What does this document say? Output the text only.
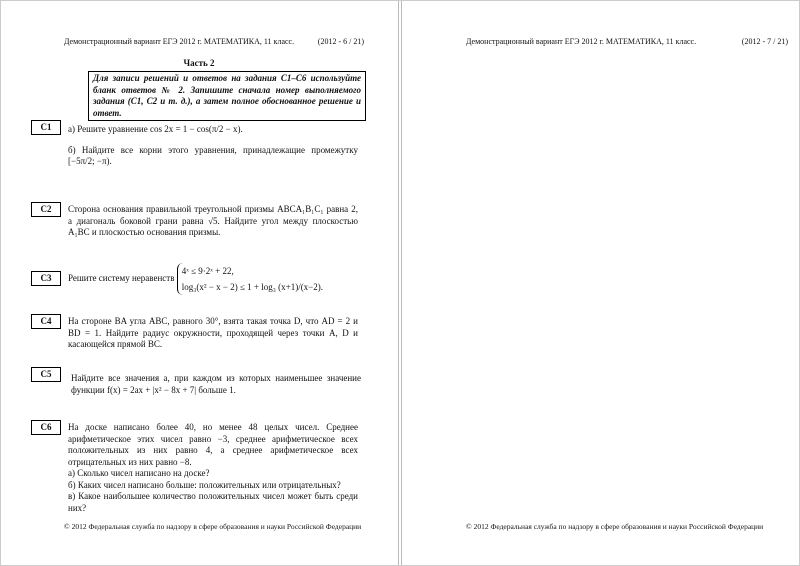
Демонстрационный вариант ЕГЭ 2012 г. МАТЕМАТИКА, 11 класс.	(2012 - 6 / 21)
Часть 2
Для записи решений и ответов на задания С1–С6 используйте бланк ответов № 2. Запишите сначала номер выполняемого задания (С1, С2 и т. д.), а затем полное обоснованное решение и ответ.
C1	а) Решите уравнение cos 2x = 1 − cos(π/2 − x).
б) Найдите все корни этого уравнения, принадлежащие промежутку [−5π/2; −π).
C2	Сторона основания правильной треугольной призмы ABCA₁B₁C₁ равна 2, а диагональ боковой грани равна √5. Найдите угол между плоскостью A₁BC и плоскостью основания призмы.
C3	Решите систему неравенств
4ˣ ≤ 9·2ˣ + 22,
log₃(x² − x − 2) ≤ 1 + log₃ (x+1)/(x−2).
C4	На стороне BA угла ABC, равного 30°, взята такая точка D, что AD = 2 и BD = 1. Найдите радиус окружности, проходящей через точки A, D и касающейся прямой BC.
C5	Найдите все значения a, при каждом из которых наименьшее значение функции f(x) = 2ax + |x² − 8x + 7| больше 1.
C6	На доске написано более 40, но менее 48 целых чисел. Среднее арифметическое этих чисел равно −3, среднее арифметическое всех положительных из них равно 4, а среднее арифметическое всех отрицательных из них равно −8.
а) Сколько чисел написано на доске?
б) Каких чисел написано больше: положительных или отрицательных?
в) Какое наибольшее количество положительных чисел может быть среди них?
© 2012 Федеральная служба по надзору в сфере образования и науки Российской Федерации
Демонстрационный вариант ЕГЭ 2012 г. МАТЕМАТИКА, 11 класс.	(2012 - 7 / 21)
© 2012 Федеральная служба по надзору в сфере образования и науки Российской Федерации
